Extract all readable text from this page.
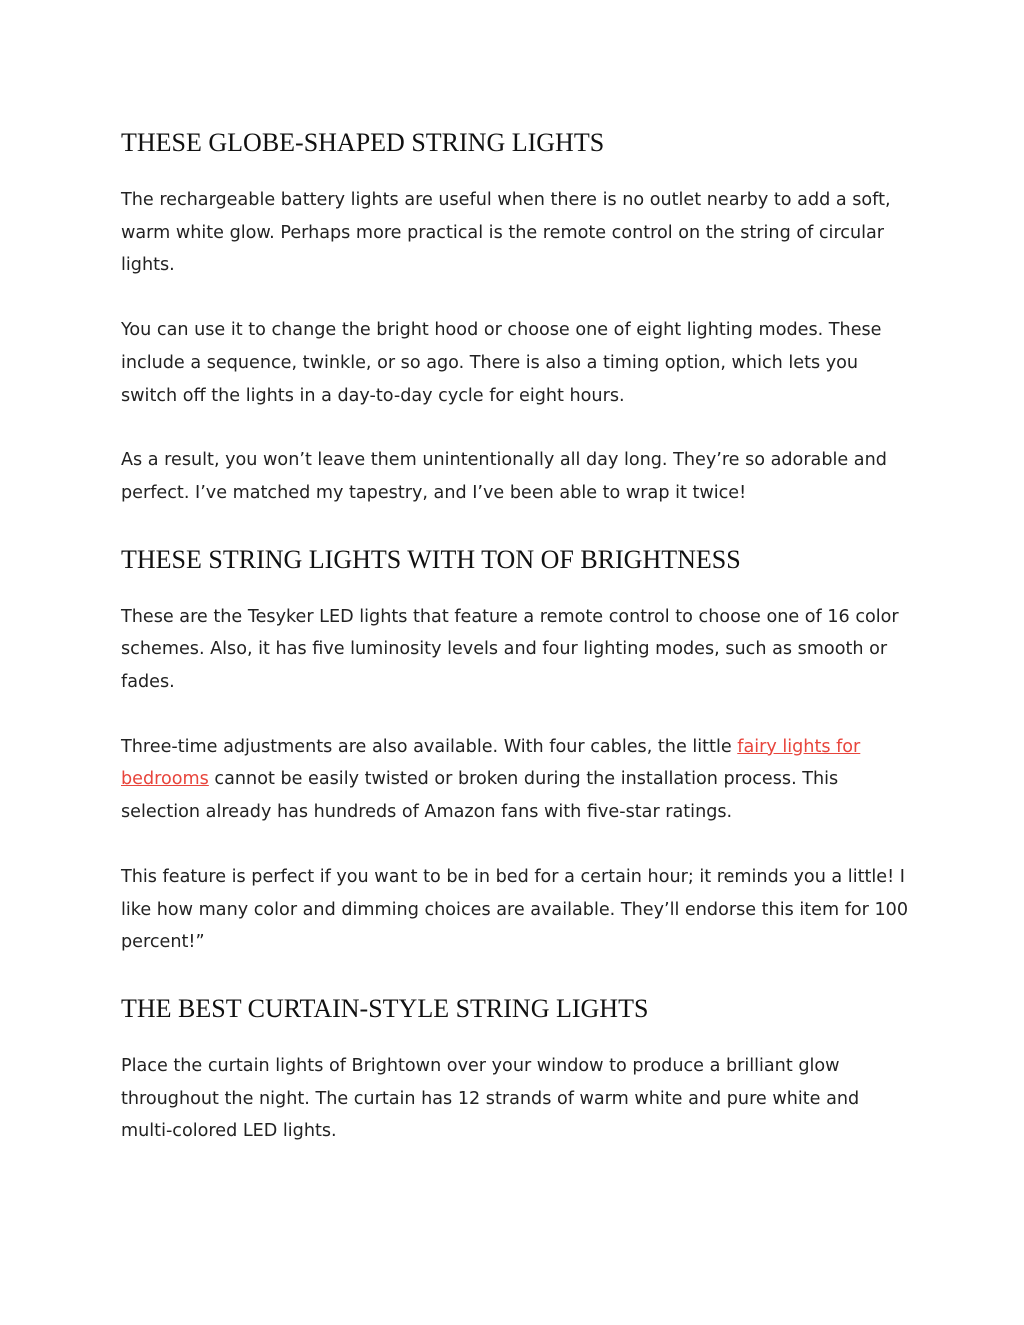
THESE GLOBE-SHAPED STRING LIGHTS

The rechargeable battery lights are useful when there is no outlet nearby to add a soft, warm white glow. Perhaps more practical is the remote control on the string of circular lights.

You can use it to change the bright hood or choose one of eight lighting modes. These include a sequence, twinkle, or so ago. There is also a timing option, which lets you switch off the lights in a day-to-day cycle for eight hours.

As a result, you won’t leave them unintentionally all day long. They’re so adorable and perfect. I’ve matched my tapestry, and I’ve been able to wrap it twice!

THESE STRING LIGHTS WITH TON OF BRIGHTNESS

These are the Tesyker LED lights that feature a remote control to choose one of 16 color schemes. Also, it has five luminosity levels and four lighting modes, such as smooth or fades.

Three-time adjustments are also available. With four cables, the little fairy lights for bedrooms cannot be easily twisted or broken during the installation process. This selection already has hundreds of Amazon fans with five-star ratings.

This feature is perfect if you want to be in bed for a certain hour; it reminds you a little! I like how many color and dimming choices are available. They’ll endorse this item for 100 percent!”

THE BEST CURTAIN-STYLE STRING LIGHTS

Place the curtain lights of Brightown over your window to produce a brilliant glow throughout the night. The curtain has 12 strands of warm white and pure white and multi-colored LED lights.
